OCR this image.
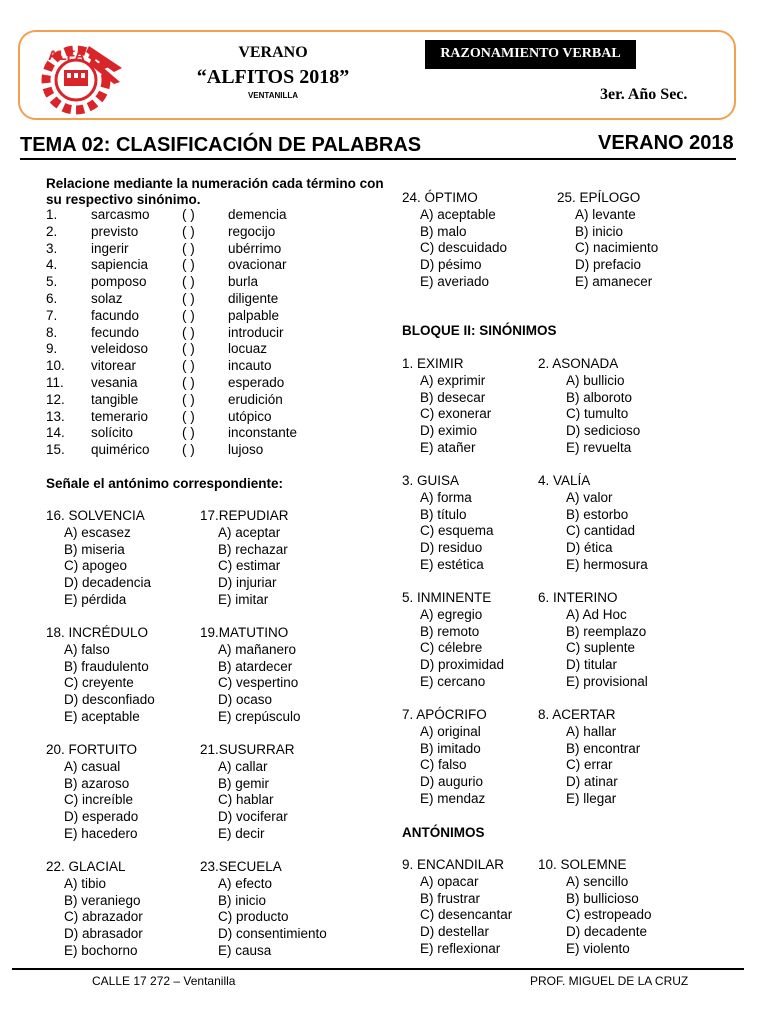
ALFA	VERANO
“ALFITOS 2018”
VENTANILLA
RAZONAMIENTO VERBAL
3er. Año Sec.
TEMA 02: CLASIFICACIÓN DE PALABRAS	VERANO 2018
Relacione mediante la numeración cada término con
su respectivo sinónimo.
1. sarcasmo ( ) demencia
2. previsto	( ) regocijo
3. ingerir	( ) ubérrimo
4. sapiencia	( ) ovacionar
5. pomposo	( ) burla
6. solaz	( ) diligente
7. facundo	( ) palpable
8. fecundo	( ) introducir
9. veleidoso	( ) locuaz
10. vitorear	( ) incauto
11. vesania	( ) esperado
12. tangible	( ) erudición
13. temerario	( ) utópico
14. solícito	( ) inconstante
15. quimérico ( ) lujoso
Señale el antónimo correspondiente:
BLOQUE II: SINÓNIMOS
ANTÓNIMOS
16. SOLVENCIA
A) escasez
B) miseria
C) apogeo
D) decadencia
E) pérdida
17.REPUDIAR
A) aceptar
B) rechazar
C) estimar
D) injuriar
E) imitar
18. INCRÉDULO
A) falso
B) fraudulento
C) creyente
D) desconfiado
E) aceptable
19.MATUTINO
A) mañanero
B) atardecer
C) vespertino
D) ocaso
E) crepúsculo
20. FORTUITO
A) casual
B) azaroso
C) increíble
D) esperado
E) hacedero
21.SUSURRAR
A) callar
B) gemir
C) hablar
D) vociferar
E) decir
22. GLACIAL
A) tibio
B) veraniego
C) abrazador
D) abrasador
E) bochorno
23.SECUELA
A) efecto
B) inicio
C) producto
D) consentimiento
E) causa
24. ÓPTIMO
A) aceptable
B) malo
C) descuidado
D) pésimo
E) averiado
25. EPÍLOGO
A) levante
B) inicio
C) nacimiento
D) prefacio
E) amanecer
1. EXIMIR
A) exprimir
B) desecar
C) exonerar
D) eximio
E) atañer
2. ASONADA
A) bullicio
B) alboroto
C) tumulto
D) sedicioso
E) revuelta
3. GUISA
A) forma
B) título
C) esquema
D) residuo
E) estética
4. VALÍA
A) valor
B) estorbo
C) cantidad
D) ética
E) hermosura
5. INMINENTE
A) egregio
B) remoto
C) célebre
D) proximidad
E) cercano
6. INTERINO
A) Ad Hoc
B) reemplazo
C) suplente
D) titular
E) provisional
7. APÓCRIFO
A) original
B) imitado
C) falso
D) augurio
E) mendaz
8. ACERTAR
A) hallar
B) encontrar
C) errar
D) atinar
E) llegar
9. ENCANDILAR
A) opacar
B) frustrar
C) desencantar
D) destellar
E) reflexionar
10. SOLEMNE
A) sencillo
B) bullicioso
C) estropeado
D) decadente
E) violento
CALLE 17 272 – Ventanilla	PROF. MIGUEL DE LA CRUZ
